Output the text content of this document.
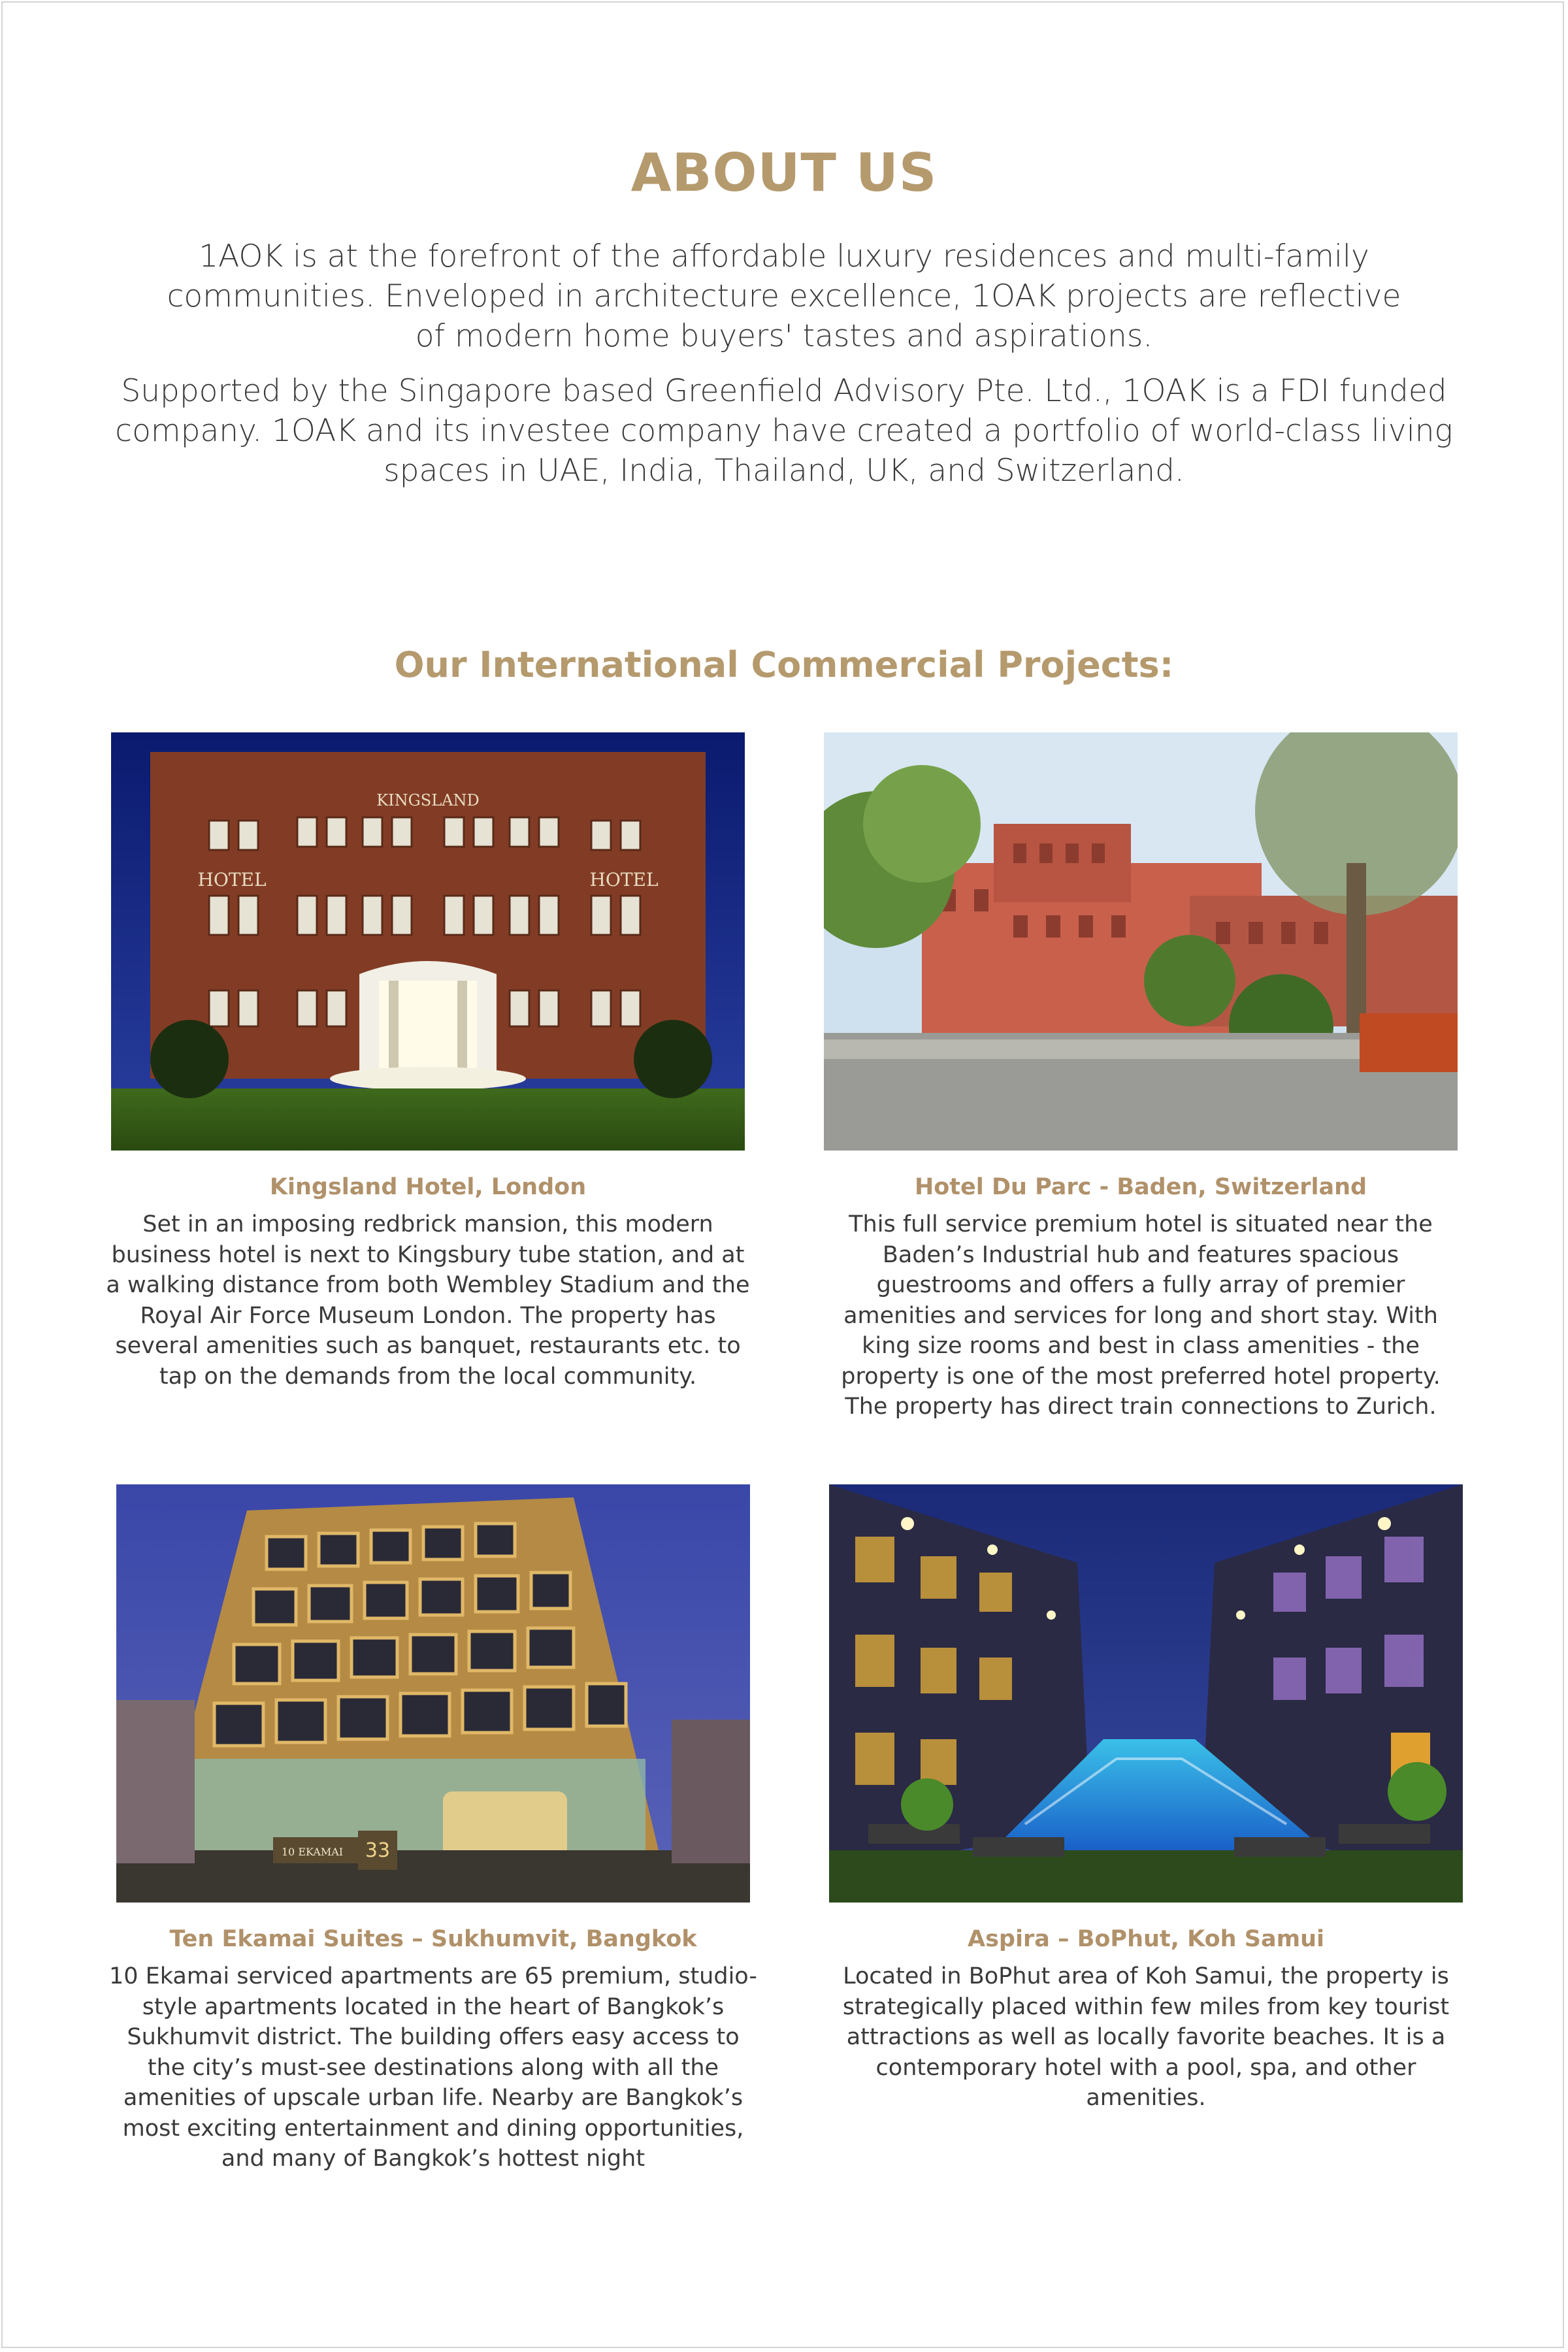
ABOUT US

1AOK is at the forefront of the affordable luxury residences and multi-family communities. Enveloped in architecture excellence, 1OAK projects are reflective of modern home buyers' tastes and aspirations.

Supported by the Singapore based Greenfield Advisory Pte. Ltd., 1OAK is a FDI funded company. 1OAK and its investee company have created a portfolio of world-class living spaces in UAE, India, Thailand, UK, and Switzerland.

Our International Commercial Projects:
KINGSLAND
HOTEL	HOTEL
Kingsland Hotel, London
Set in an imposing redbrick mansion, this modern business hotel is next to Kingsbury tube station, and at a walking distance from both Wembley Stadium and the Royal Air Force Museum London. The property has several amenities such as banquet, restaurants etc. to tap on the demands from the local community.
Hotel Du Parc - Baden, Switzerland
This full service premium hotel is situated near the Baden’s Industrial hub and features spacious guestrooms and offers a fully array of premier amenities and services for long and short stay. With king size rooms and best in class amenities - the property is one of the most preferred hotel property. The property has direct train connections to Zurich.
10 EKAMAI 33
Ten Ekamai Suites – Sukhumvit, Bangkok
10 Ekamai serviced apartments are 65 premium, studio-style apartments located in the heart of Bangkok’s Sukhumvit district. The building offers easy access to the city’s must-see destinations along with all the amenities of upscale urban life. Nearby are Bangkok’s most exciting entertainment and dining opportunities, and many of Bangkok’s hottest night
Aspira – BoPhut, Koh Samui
Located in BoPhut area of Koh Samui, the property is strategically placed within few miles from key tourist attractions as well as locally favorite beaches. It is a contemporary hotel with a pool, spa, and other amenities.
